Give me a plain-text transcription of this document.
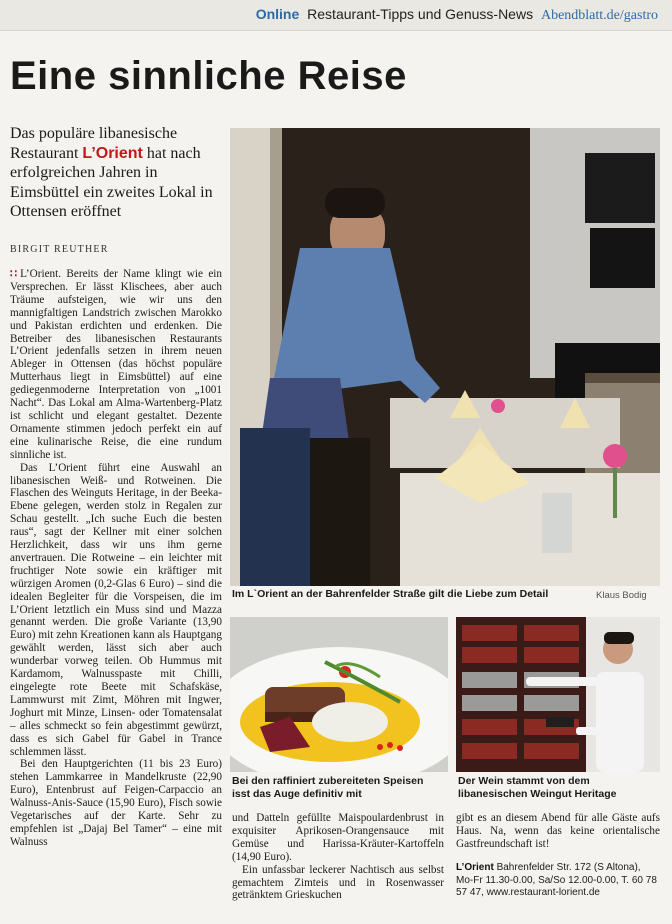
Online Restaurant-Tipps und Genuss-News Abendblatt.de/gastro
Eine sinnliche Reise
Das populäre libanesische Restaurant L’Orient hat nach erfolgreichen Jahren in Eimsbüttel ein zweites Lokal in Ottensen eröffnet
BIRGIT REUTHER

∷ L’Orient. Bereits der Name klingt wie ein Versprechen. Er lässt Klischees, aber auch Träume aufsteigen, wie wir uns den mannigfaltigen Landstrich zwischen Marokko und Pakistan erdichten und erdenken. Die Betreiber des libanesischen Restaurants L’Orient jedenfalls setzen in ihrem neuen Ableger in Ottensen (das höchst populäre Mutterhaus liegt in Eimsbüttel) auf eine gediegenmoderne Interpretation von „1001 Nacht“. Das Lokal am Alma-Wartenberg-Platz ist schlicht und elegant gestaltet. Dezente Ornamente stimmen jedoch perfekt ein auf eine kulinarische Reise, die eine rundum sinnliche ist.

Das L’Orient führt eine Auswahl an libanesischen Weiß- und Rotweinen. Die Flaschen des Weinguts Heritage, in der Beeka-Ebene gelegen, werden stolz in Regalen zur Schau gestellt. „Ich suche Euch die besten raus“, sagt der Kellner mit einer solchen Herzlichkeit, dass wir uns ihm gerne anvertrauen. Die Rotweine – ein leichter mit fruchtiger Note sowie ein kräftiger mit würzigen Aromen (0,2-Glas 6 Euro) – sind die idealen Begleiter für die Vorspeisen, die im L’Orient letztlich ein Muss sind und Mazza genannt werden. Die große Variante (13,90 Euro) mit zehn Kreationen kann als Hauptgang gewählt werden, lässt sich aber auch wunderbar vorweg teilen. Ob Hummus mit Kardamom, Walnusspaste mit Chilli, eingelegte rote Beete mit Schafskäse, Lammwurst mit Zimt, Möhren mit Ingwer, Joghurt mit Minze, Linsen- oder Tomatensalat – alles schmeckt so fein abgestimmt gewürzt, dass es sich Gabel für Gabel in Trance schlemmen lässt.

Bei den Hauptgerichten (11 bis 23 Euro) stehen Lammkarree in Mandelkruste (22,90 Euro), Entenbrust auf Feigen-Carpaccio an Walnuss-Anis-Sauce (15,90 Euro), Fisch sowie Vegetarisches auf der Karte. Sehr zu empfehlen ist „Dajaj Bel Tamer“ – eine mit Walnuss

Im L`Orient an der Bahrenfelder Straße gilt die Liebe zum Detail	Klaus Bodig
Bei den raffiniert zubereiteten Speisen isst das Auge definitiv mit
Der Wein stammt von dem libanesischen Weingut Heritage

und Datteln gefüllte Maispoulardenbrust in exquisiter Aprikosen-Orangensauce mit Gemüse und Harissa-Kräuter-Kartoffeln (14,90 Euro).

Ein unfassbar leckerer Nachtisch aus selbst gemachtem Zimteis und in Rosenwasser getränktem Grieskuchen

gibt es an diesem Abend für alle Gäste aufs Haus. Na, wenn das keine orientalische Gastfreundschaft ist!

L’Orient Bahrenfelder Str. 172 (S Altona), Mo-Fr 11.30-0.00, Sa/So 12.00-0.00, T. 60 78 57 47, www.restaurant-lorient.de
